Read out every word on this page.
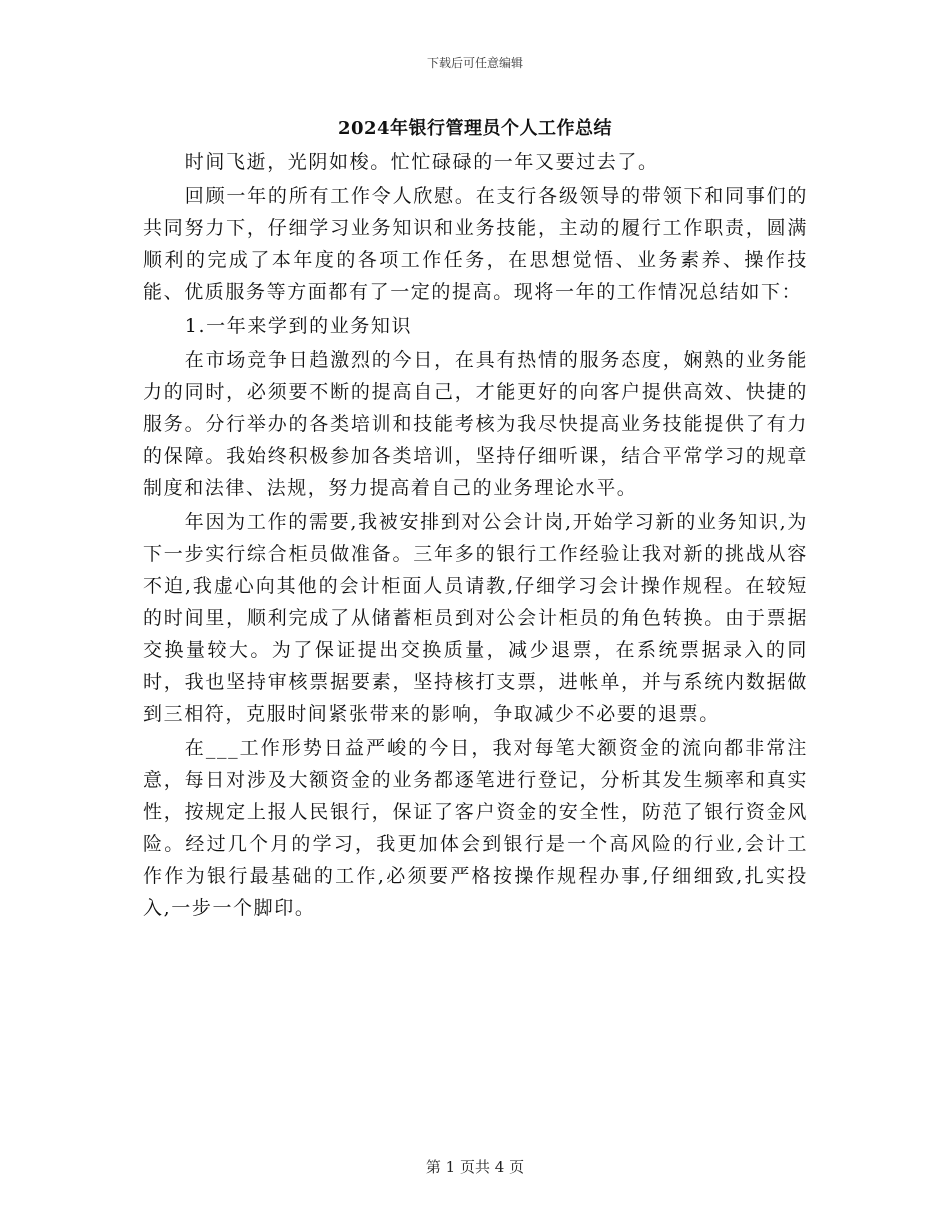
下载后可任意编辑
2024年银行管理员个人工作总结

时间飞逝，光阴如梭。忙忙碌碌的一年又要过去了。

回顾一年的所有工作令人欣慰。在支行各级领导的带领下和同事们的共同努力下，仔细学习业务知识和业务技能，主动的履行工作职责，圆满顺利的完成了本年度的各项工作任务，在思想觉悟、业务素养、操作技能、优质服务等方面都有了一定的提高。现将一年的工作情况总结如下：

1.一年来学到的业务知识

在市场竞争日趋激烈的今日，在具有热情的服务态度，娴熟的业务能力的同时，必须要不断的提高自己，才能更好的向客户提供高效、快捷的服务。分行举办的各类培训和技能考核为我尽快提高业务技能提供了有力的保障。我始终积极参加各类培训，坚持仔细听课，结合平常学习的规章制度和法律、法规，努力提高着自己的业务理论水平。

年因为工作的需要,我被安排到对公会计岗,开始学习新的业务知识,为下一步实行综合柜员做准备。三年多的银行工作经验让我对新的挑战从容不迫,我虚心向其他的会计柜面人员请教,仔细学习会计操作规程。在较短的时间里，顺利完成了从储蓄柜员到对公会计柜员的角色转换。由于票据交换量较大。为了保证提出交换质量，减少退票，在系统票据录入的同时，我也坚持审核票据要素，坚持核打支票，进帐单，并与系统内数据做到三相符，克服时间紧张带来的影响，争取减少不必要的退票。

在___工作形势日益严峻的今日，我对每笔大额资金的流向都非常注意，每日对涉及大额资金的业务都逐笔进行登记，分析其发生频率和真实性，按规定上报人民银行，保证了客户资金的安全性，防范了银行资金风险。经过几个月的学习，我更加体会到银行是一个高风险的行业,会计工作作为银行最基础的工作,必须要严格按操作规程办事,仔细细致,扎实投入,一步一个脚印。

第 1 页共 4 页
